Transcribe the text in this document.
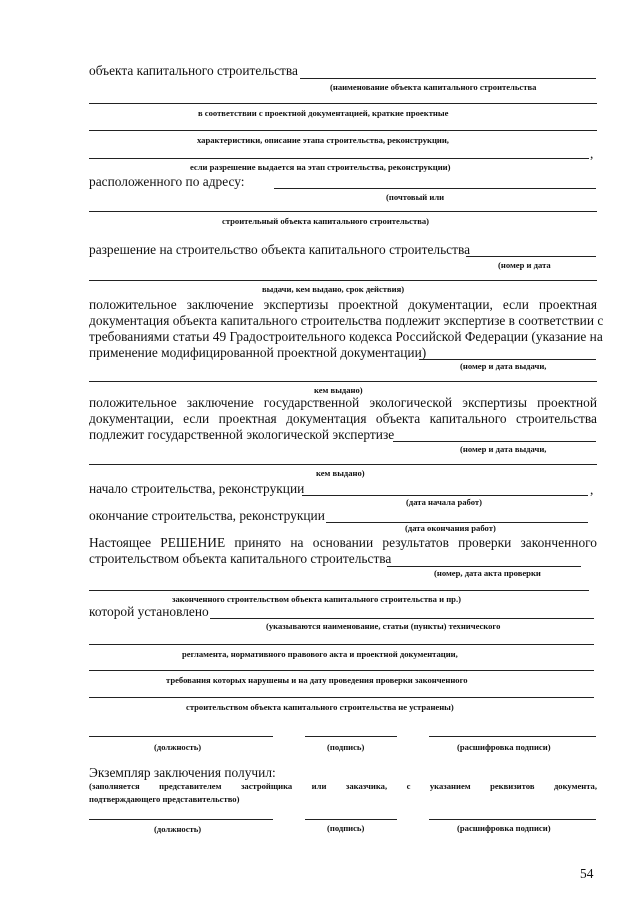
объекта капитального строительства
(наименование объекта капитального строительства
в соответствии с проектной документацией, краткие проектные
характеристики, описание этапа строительства, реконструкции,
,
если разрешение выдается на этап строительства, реконструкции)
расположенного по адресу:
(почтовый или
строительный объекта капитального строительства)
разрешение на строительство объекта капитального строительства
(номер и дата
выдачи, кем выдано, срок действия)
положительное заключение экспертизы проектной документации, если проектная
документация объекта капитального строительства подлежит экспертизе в соответствии с
требованиями статьи 49 Градостроительного кодекса Российской Федерации (указание на
применение модифицированной проектной документации)
(номер и дата выдачи,
кем выдано)
положительное заключение государственной экологической экспертизы проектной
документации, если проектная документация объекта капитального строительства
подлежит государственной экологической экспертизе
(номер и дата выдачи,
кем выдано)
начало строительства, реконструкции	,
(дата начала работ)
окончание строительства, реконструкции
(дата окончания работ)
Настоящее РЕШЕНИЕ принято на основании результатов проверки законченного
строительством объекта капитального строительства
(номер, дата акта проверки
законченного строительством объекта капитального строительства и пр.)
которой установлено
(указываются наименование, статьи (пункты) технического
регламента, нормативного правового акта и проектной документации,
требования которых нарушены и на дату проведения проверки законченного
строительством объекта капитального строительства не устранены)
(должность)	(подпись)	(расшифровка подписи)
Экземпляр заключения получил:
(заполняется представителем застройщика или заказчика, с указанием реквизитов документа,
подтверждающего представительство)
(должность)	(подпись)	(расшифровка подписи)
54
